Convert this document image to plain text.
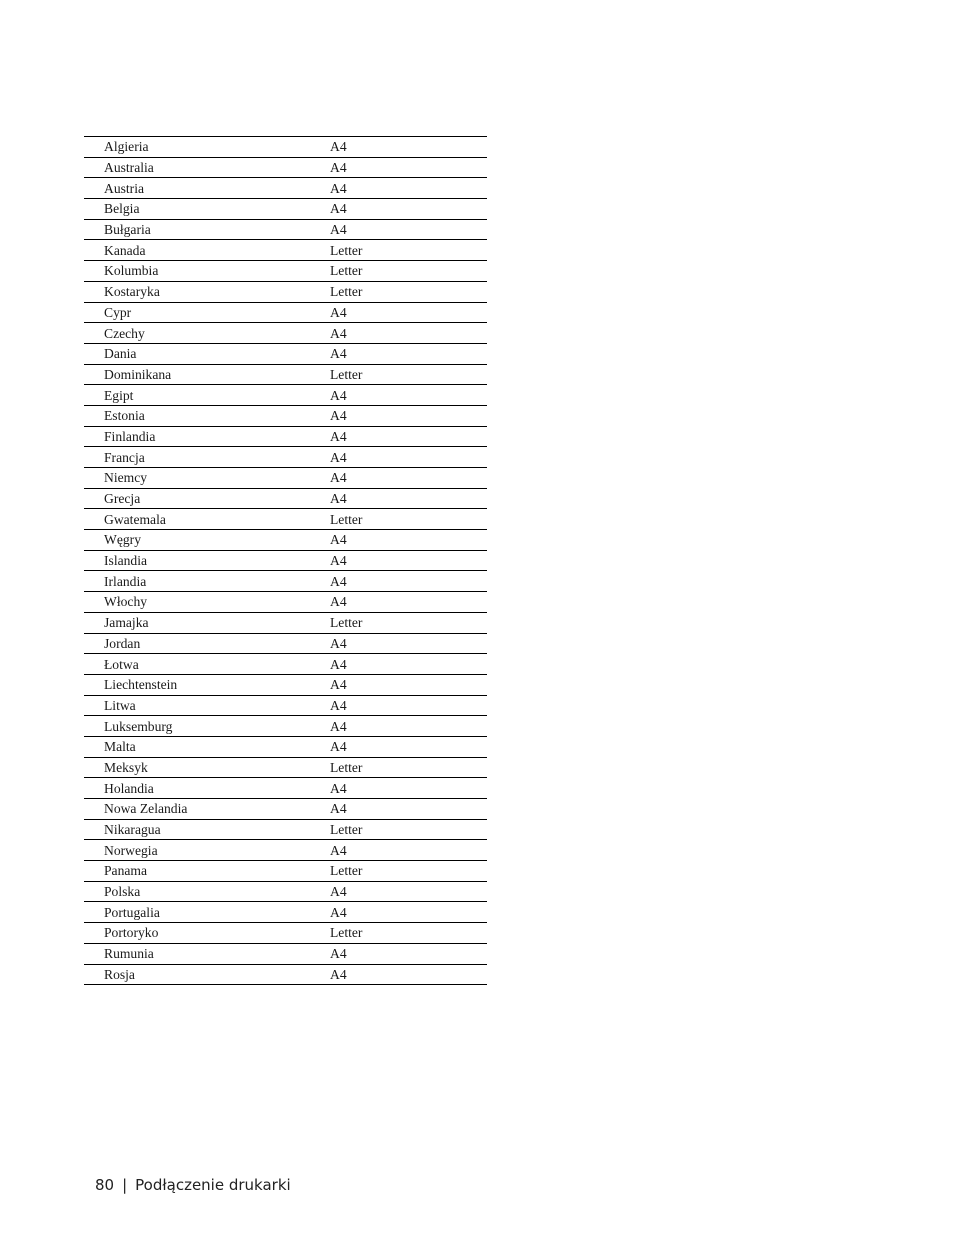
Algieria	A4
Australia	A4
Austria	A4
Belgia	A4
Bułgaria	A4
Kanada	Letter
Kolumbia	Letter
Kostaryka	Letter
Cypr	A4
Czechy	A4
Dania	A4
Dominikana	Letter
Egipt	A4
Estonia	A4
Finlandia	A4
Francja	A4
Niemcy	A4
Grecja	A4
Gwatemala	Letter
Węgry	A4
Islandia	A4
Irlandia	A4
Włochy	A4
Jamajka	Letter
Jordan	A4
Łotwa	A4
Liechtenstein	A4
Litwa	A4
Luksemburg	A4
Malta	A4
Meksyk	Letter
Holandia	A4
Nowa Zelandia	A4
Nikaragua	Letter
Norwegia	A4
Panama	Letter
Polska	A4
Portugalia	A4
Portoryko	Letter
Rumunia	A4
Rosja	A4
80 | Podłączenie drukarki
